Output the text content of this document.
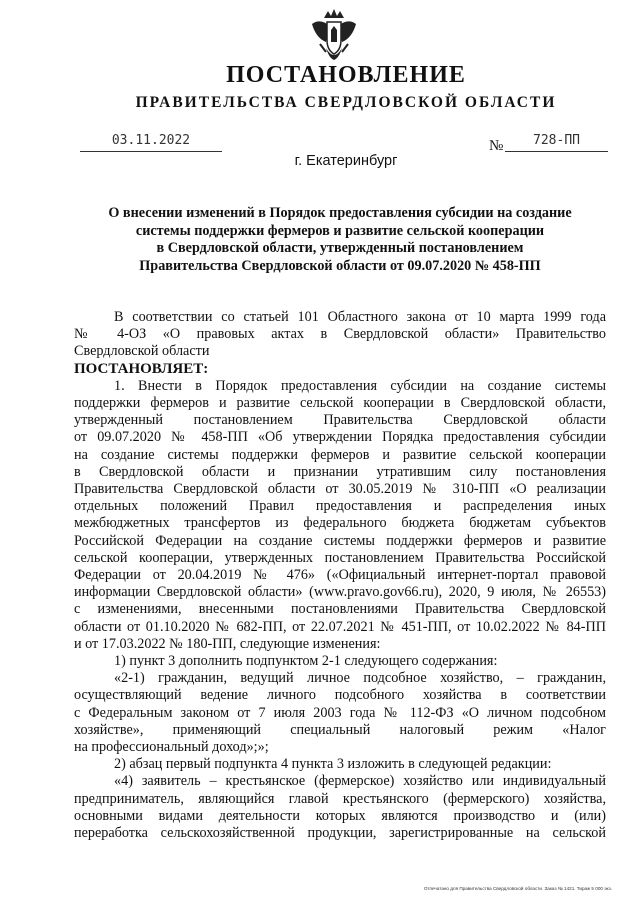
ПОСТАНОВЛЕНИЕ
ПРАВИТЕЛЬСТВА СВЕРДЛОВСКОЙ ОБЛАСТИ
03.11.2022	№	728-ПП
г. Екатеринбург
О внесении изменений в Порядок предоставления субсидии на создание
системы поддержки фермеров и развитие сельской кооперации
в Свердловской области, утвержденный постановлением
Правительства Свердловской области от 09.07.2020 № 458-ПП

В соответствии со статьей 101 Областного закона от 10 марта 1999 года

№ 4-ОЗ «О правовых актах в Свердловской области» Правительство

Свердловской области

ПОСТАНОВЛЯЕТ:

1. Внести в Порядок предоставления субсидии на создание системы

поддержки фермеров и развитие сельской кооперации в Свердловской области,

утвержденный постановлением Правительства Свердловской области

от 09.07.2020 № 458-ПП «Об утверждении Порядка предоставления субсидии

на создание системы поддержки фермеров и развитие сельской кооперации

в Свердловской области и признании утратившим силу постановления

Правительства Свердловской области от 30.05.2019 № 310-ПП «О реализации

отдельных положений Правил предоставления и распределения иных

межбюджетных трансфертов из федерального бюджета бюджетам субъектов

Российской Федерации на создание системы поддержки фермеров и развитие

сельской кооперации, утвержденных постановлением Правительства Российской

Федерации от 20.04.2019 № 476» («Официальный интернет-портал правовой

информации Свердловской области» (www.pravo.gov66.ru), 2020, 9 июля, № 26553)

с изменениями, внесенными постановлениями Правительства Свердловской

области от 01.10.2020 № 682-ПП, от 22.07.2021 № 451-ПП, от 10.02.2022 № 84-ПП

и от 17.03.2022 № 180-ПП, следующие изменения:

1) пункт 3 дополнить подпунктом 2-1 следующего содержания:

«2-1) гражданин, ведущий личное подсобное хозяйство, – гражданин,

осуществляющий ведение личного подсобного хозяйства в соответствии

с Федеральным законом от 7 июля 2003 года № 112-ФЗ «О личном подсобном

хозяйстве», применяющий специальный налоговый режим «Налог

на профессиональный доход»;»;

2) абзац первый подпункта 4 пункта 3 изложить в следующей редакции:

«4) заявитель – крестьянское (фермерское) хозяйство или индивидуальный

предприниматель, являющийся главой крестьянского (фермерского) хозяйства,

основными видами деятельности которых являются производство и (или)

переработка сельскохозяйственной продукции, зарегистрированные на сельской

Отпечатано для Правительства Свердловской области. Заказ № 1421. Тираж 5 000 экз.
